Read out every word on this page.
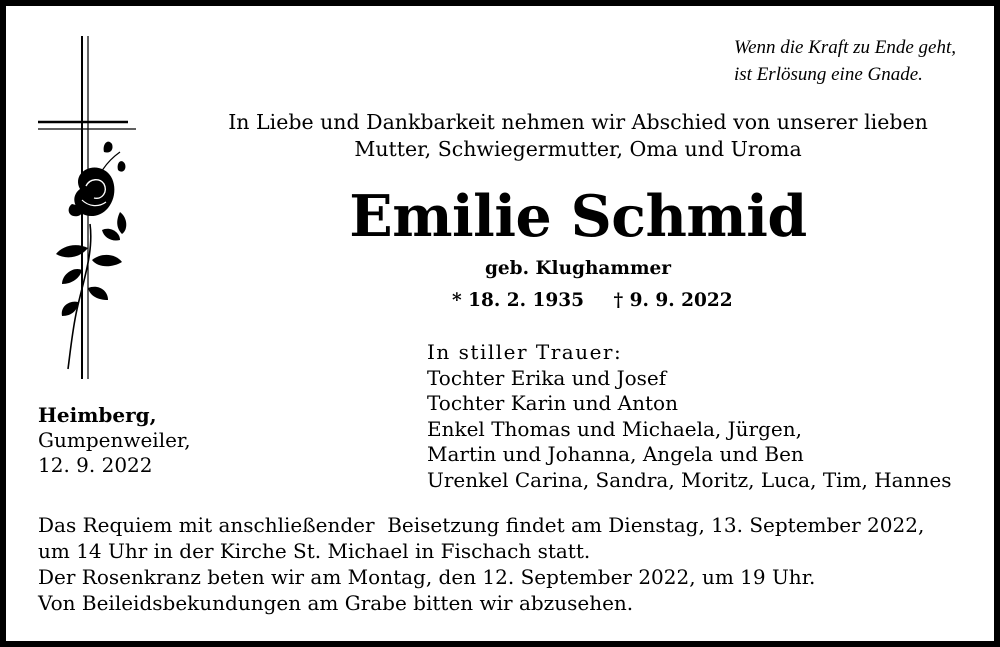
Wenn die Kraft zu Ende geht,
ist Erlösung eine Gnade.
In Liebe und Dankbarkeit nehmen wir Abschied von unserer lieben
Mutter, Schwiegermutter, Oma und Uroma
Emilie Schmid
geb. Klughammer
* 18. 2. 1935 † 9. 9. 2022
Heimberg,
Gumpenweiler,
12. 9. 2022
In stiller Trauer:
Tochter Erika und Josef
Tochter Karin und Anton
Enkel Thomas und Michaela, Jürgen,
Martin und Johanna, Angela und Ben
Urenkel Carina, Sandra, Moritz, Luca, Tim, Hannes
Das Requiem mit anschließender  Beisetzung findet am Dienstag, 13. September 2022,
um 14 Uhr in der Kirche St. Michael in Fischach statt.
Der Rosenkranz beten wir am Montag, den 12. September 2022, um 19 Uhr.
Von Beileidsbekundungen am Grabe bitten wir abzusehen.
